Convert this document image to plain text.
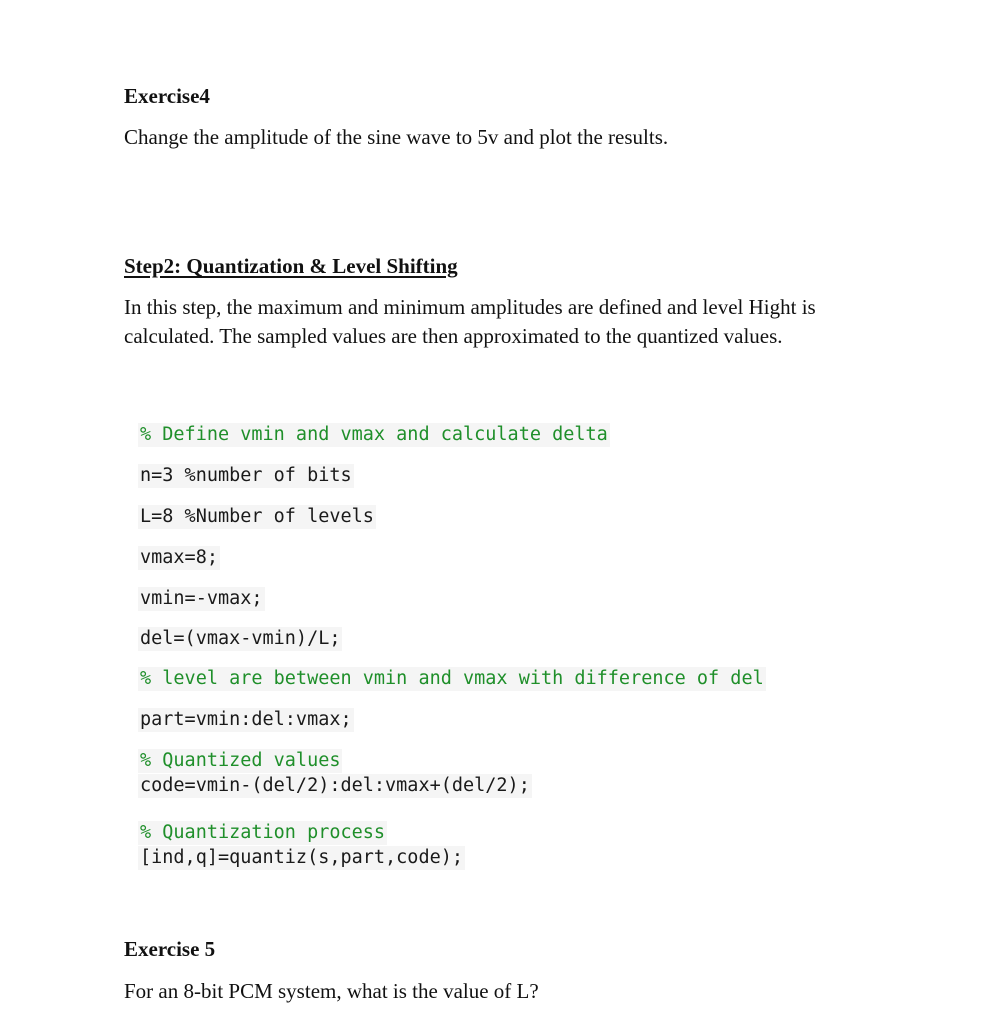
Exercise4

Change the amplitude of the sine wave to 5v and plot the results.

Step2: Quantization & Level Shifting

In this step, the maximum and minimum amplitudes are defined and level Hight is
calculated. The sampled values are then approximated to the quantized values.

% Define vmin and vmax and calculate delta

n=3 %number of bits

L=8 %Number of levels

vmax=8;

vmin=-vmax;

del=(vmax-vmin)/L;

% level are between vmin and vmax with difference of del

part=vmin:del:vmax;

% Quantized values

code=vmin-(del/2):del:vmax+(del/2);

% Quantization process

[ind,q]=quantiz(s,part,code);

Exercise 5

For an 8-bit PCM system, what is the value of L?
